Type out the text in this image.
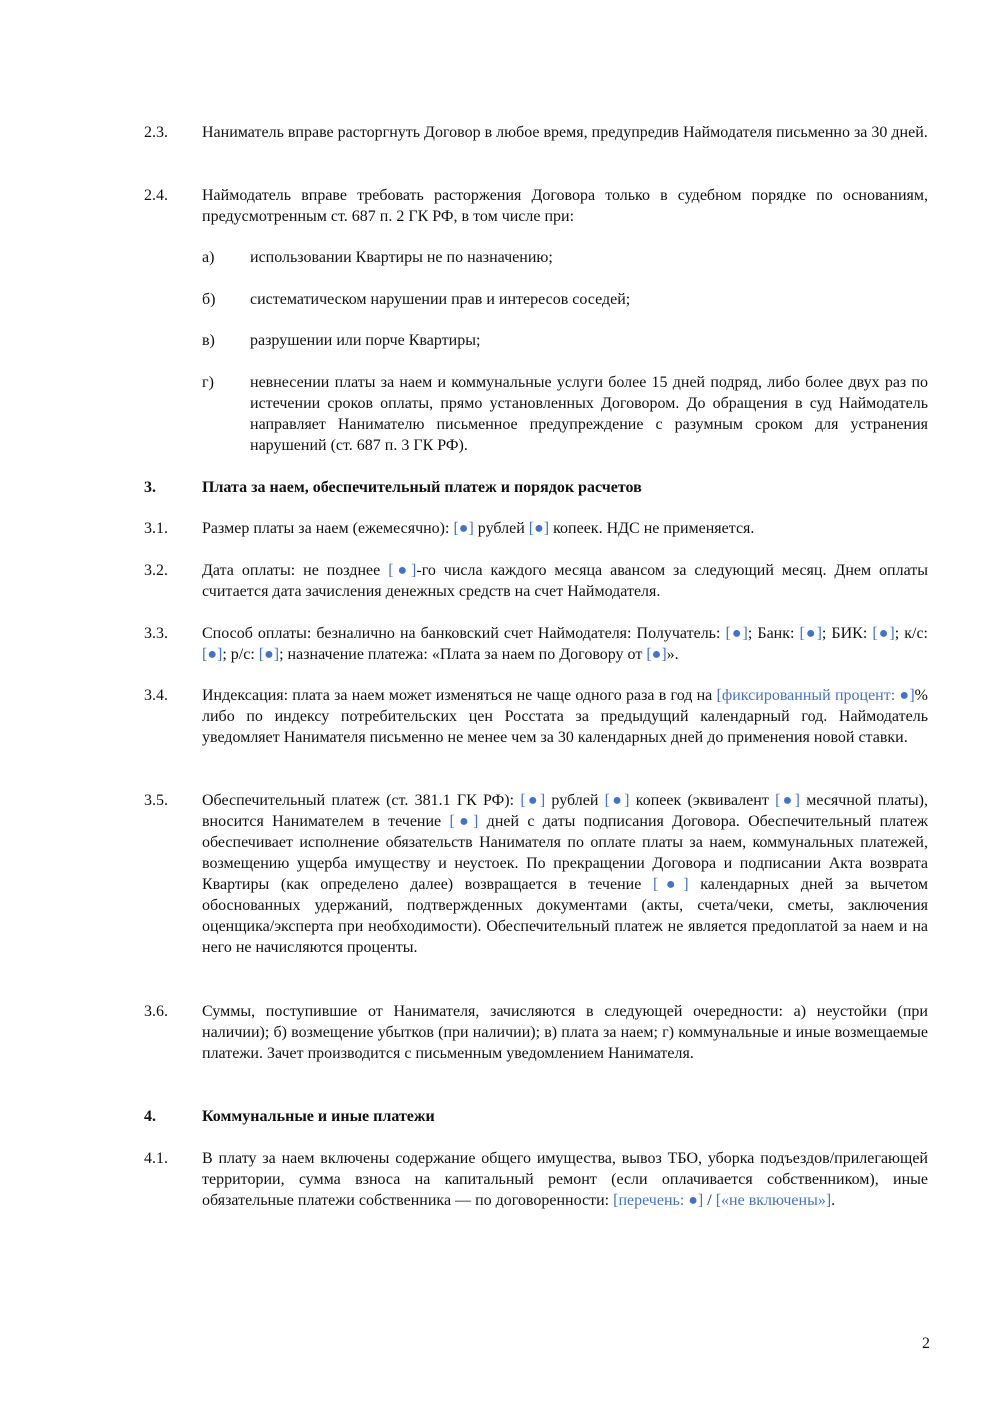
2.3. Наниматель вправе расторгнуть Договор в любое время, предупредив Наймодателя письменно за 30 дней.
2.4. Наймодатель вправе требовать расторжения Договора только в судебном порядке по основаниям, предусмотренным ст. 687 п. 2 ГК РФ, в том числе при:
а) использовании Квартиры не по назначению;
б) систематическом нарушении прав и интересов соседей;
в) разрушении или порче Квартиры;
г) невнесении платы за наем и коммунальные услуги более 15 дней подряд, либо более двух раз по истечении сроков оплаты, прямо установленных Договором. До обращения в суд Наймодатель направляет Нанимателю письменное предупреждение с разумным сроком для устранения нарушений (ст. 687 п. 3 ГК РФ).
3.	Плата за наем, обеспечительный платеж и порядок расчетов
3.1. Размер платы за наем (ежемесячно): [●] рублей [●] копеек. НДС не применяется.
3.2. Дата оплаты: не позднее [●]-го числа каждого месяца авансом за следующий месяц. Днем оплаты считается дата зачисления денежных средств на счет Наймодателя.
3.3. Способ оплаты: безналично на банковский счет Наймодателя: Получатель: [●]; Банк: [●]; БИК: [●]; к/с: [●]; р/с: [●]; назначение платежа: «Плата за наем по Договору от [●]».
3.4. Индексация: плата за наем может изменяться не чаще одного раза в год на [фиксированный процент: ●]% либо по индексу потребительских цен Росстата за предыдущий календарный год. Наймодатель уведомляет Нанимателя письменно не менее чем за 30 календарных дней до применения новой ставки.
3.5. Обеспечительный платеж (ст. 381.1 ГК РФ): [●] рублей [●] копеек (эквивалент [●] месячной платы), вносится Нанимателем в течение [●] дней с даты подписания Договора. Обеспечительный платеж обеспечивает исполнение обязательств Нанимателя по оплате платы за наем, коммунальных платежей, возмещению ущерба имуществу и неустоек. По прекращении Договора и подписании Акта возврата Квартиры (как определено далее) возвращается в течение [●] календарных дней за вычетом обоснованных удержаний, подтвержденных документами (акты, счета/чеки, сметы, заключения оценщика/эксперта при необходимости). Обеспечительный платеж не является предоплатой за наем и на него не начисляются проценты.
3.6. Суммы, поступившие от Нанимателя, зачисляются в следующей очередности: а) неустойки (при наличии); б) возмещение убытков (при наличии); в) плата за наем; г) коммунальные и иные возмещаемые платежи. Зачет производится с письменным уведомлением Нанимателя.
4.	Коммунальные и иные платежи
4.1. В плату за наем включены содержание общего имущества, вывоз ТБО, уборка подъездов/прилегающей территории, сумма взноса на капитальный ремонт (если оплачивается собственником), иные обязательные платежи собственника — по договоренности: [перечень: ●] / [«не включены»].
2
